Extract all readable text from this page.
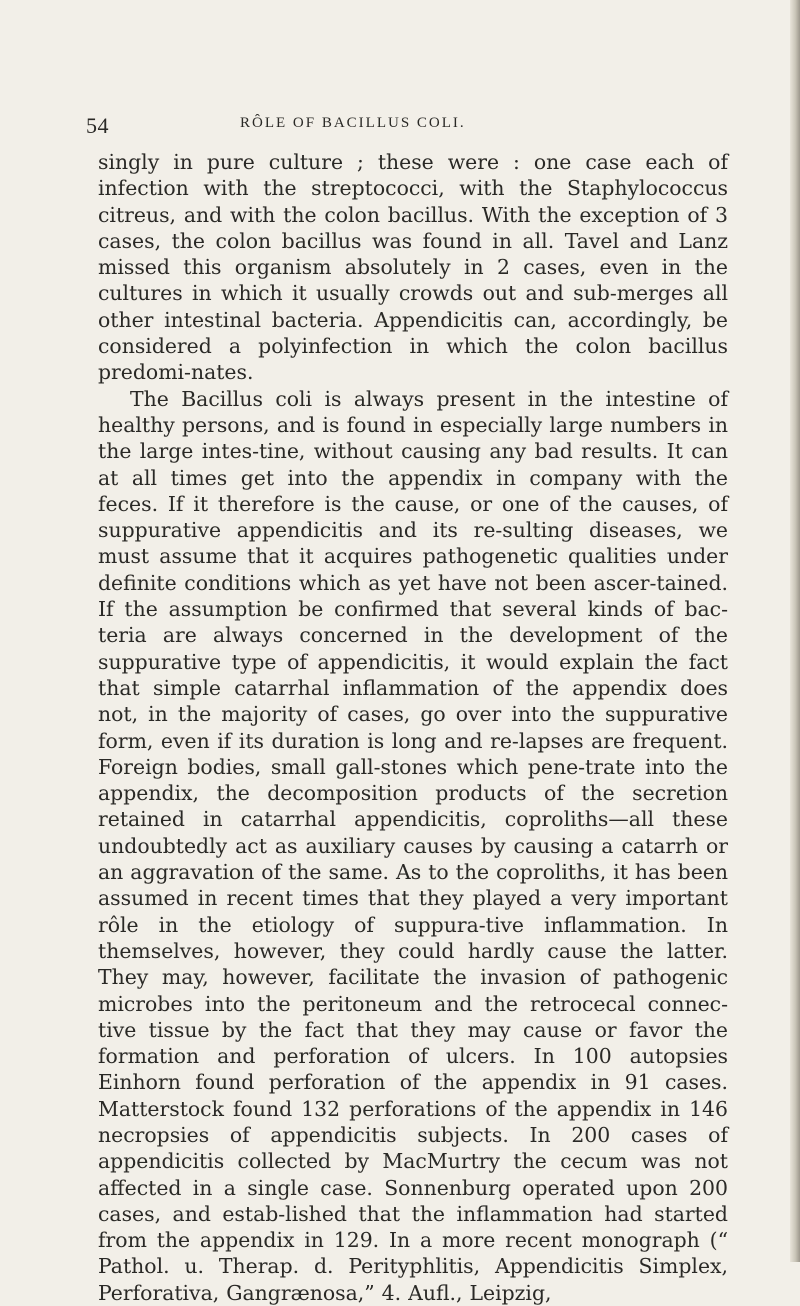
54	RÔLE OF BACILLUS COLI.

singly in pure culture ; these were : one case each of infection with the streptococci, with the Staphylococcus citreus, and with the colon bacillus. With the exception of 3 cases, the colon bacillus was found in all. Tavel and Lanz missed this organism absolutely in 2 cases, even in the cultures in which it usually crowds out and sub-merges all other intestinal bacteria. Appendicitis can, accordingly, be considered a polyinfection in which the colon bacillus predomi-nates.

The Bacillus coli is always present in the intestine of healthy persons, and is found in especially large numbers in the large intes-tine, without causing any bad results. It can at all times get into the appendix in company with the feces. If it therefore is the cause, or one of the causes, of suppurative appendicitis and its re-sulting diseases, we must assume that it acquires pathogenetic qualities under definite conditions which as yet have not been ascer-tained. If the assumption be confirmed that several kinds of bac-teria are always concerned in the development of the suppurative type of appendicitis, it would explain the fact that simple catarrhal inflammation of the appendix does not, in the majority of cases, go over into the suppurative form, even if its duration is long and re-lapses are frequent. Foreign bodies, small gall-stones which pene-trate into the appendix, the decomposition products of the secretion retained in catarrhal appendicitis, coproliths—all these undoubtedly act as auxiliary causes by causing a catarrh or an aggravation of the same. As to the coproliths, it has been assumed in recent times that they played a very important rôle in the etiology of suppura-tive inflammation. In themselves, however, they could hardly cause the latter. They may, however, facilitate the invasion of pathogenic microbes into the peritoneum and the retrocecal connec-tive tissue by the fact that they may cause or favor the formation and perforation of ulcers. In 100 autopsies Einhorn found perforation of the appendix in 91 cases. Matterstock found 132 perforations of the appendix in 146 necropsies of appendicitis subjects. In 200 cases of appendicitis collected by MacMurtry the cecum was not affected in a single case. Sonnenburg operated upon 200 cases, and estab-lished that the inflammation had started from the appendix in 129. In a more recent monograph (“ Pathol. u. Therap. d. Perityphlitis, Appendicitis Simplex, Perforativa, Gangrænosa,” 4. Aufl., Leipzig,
